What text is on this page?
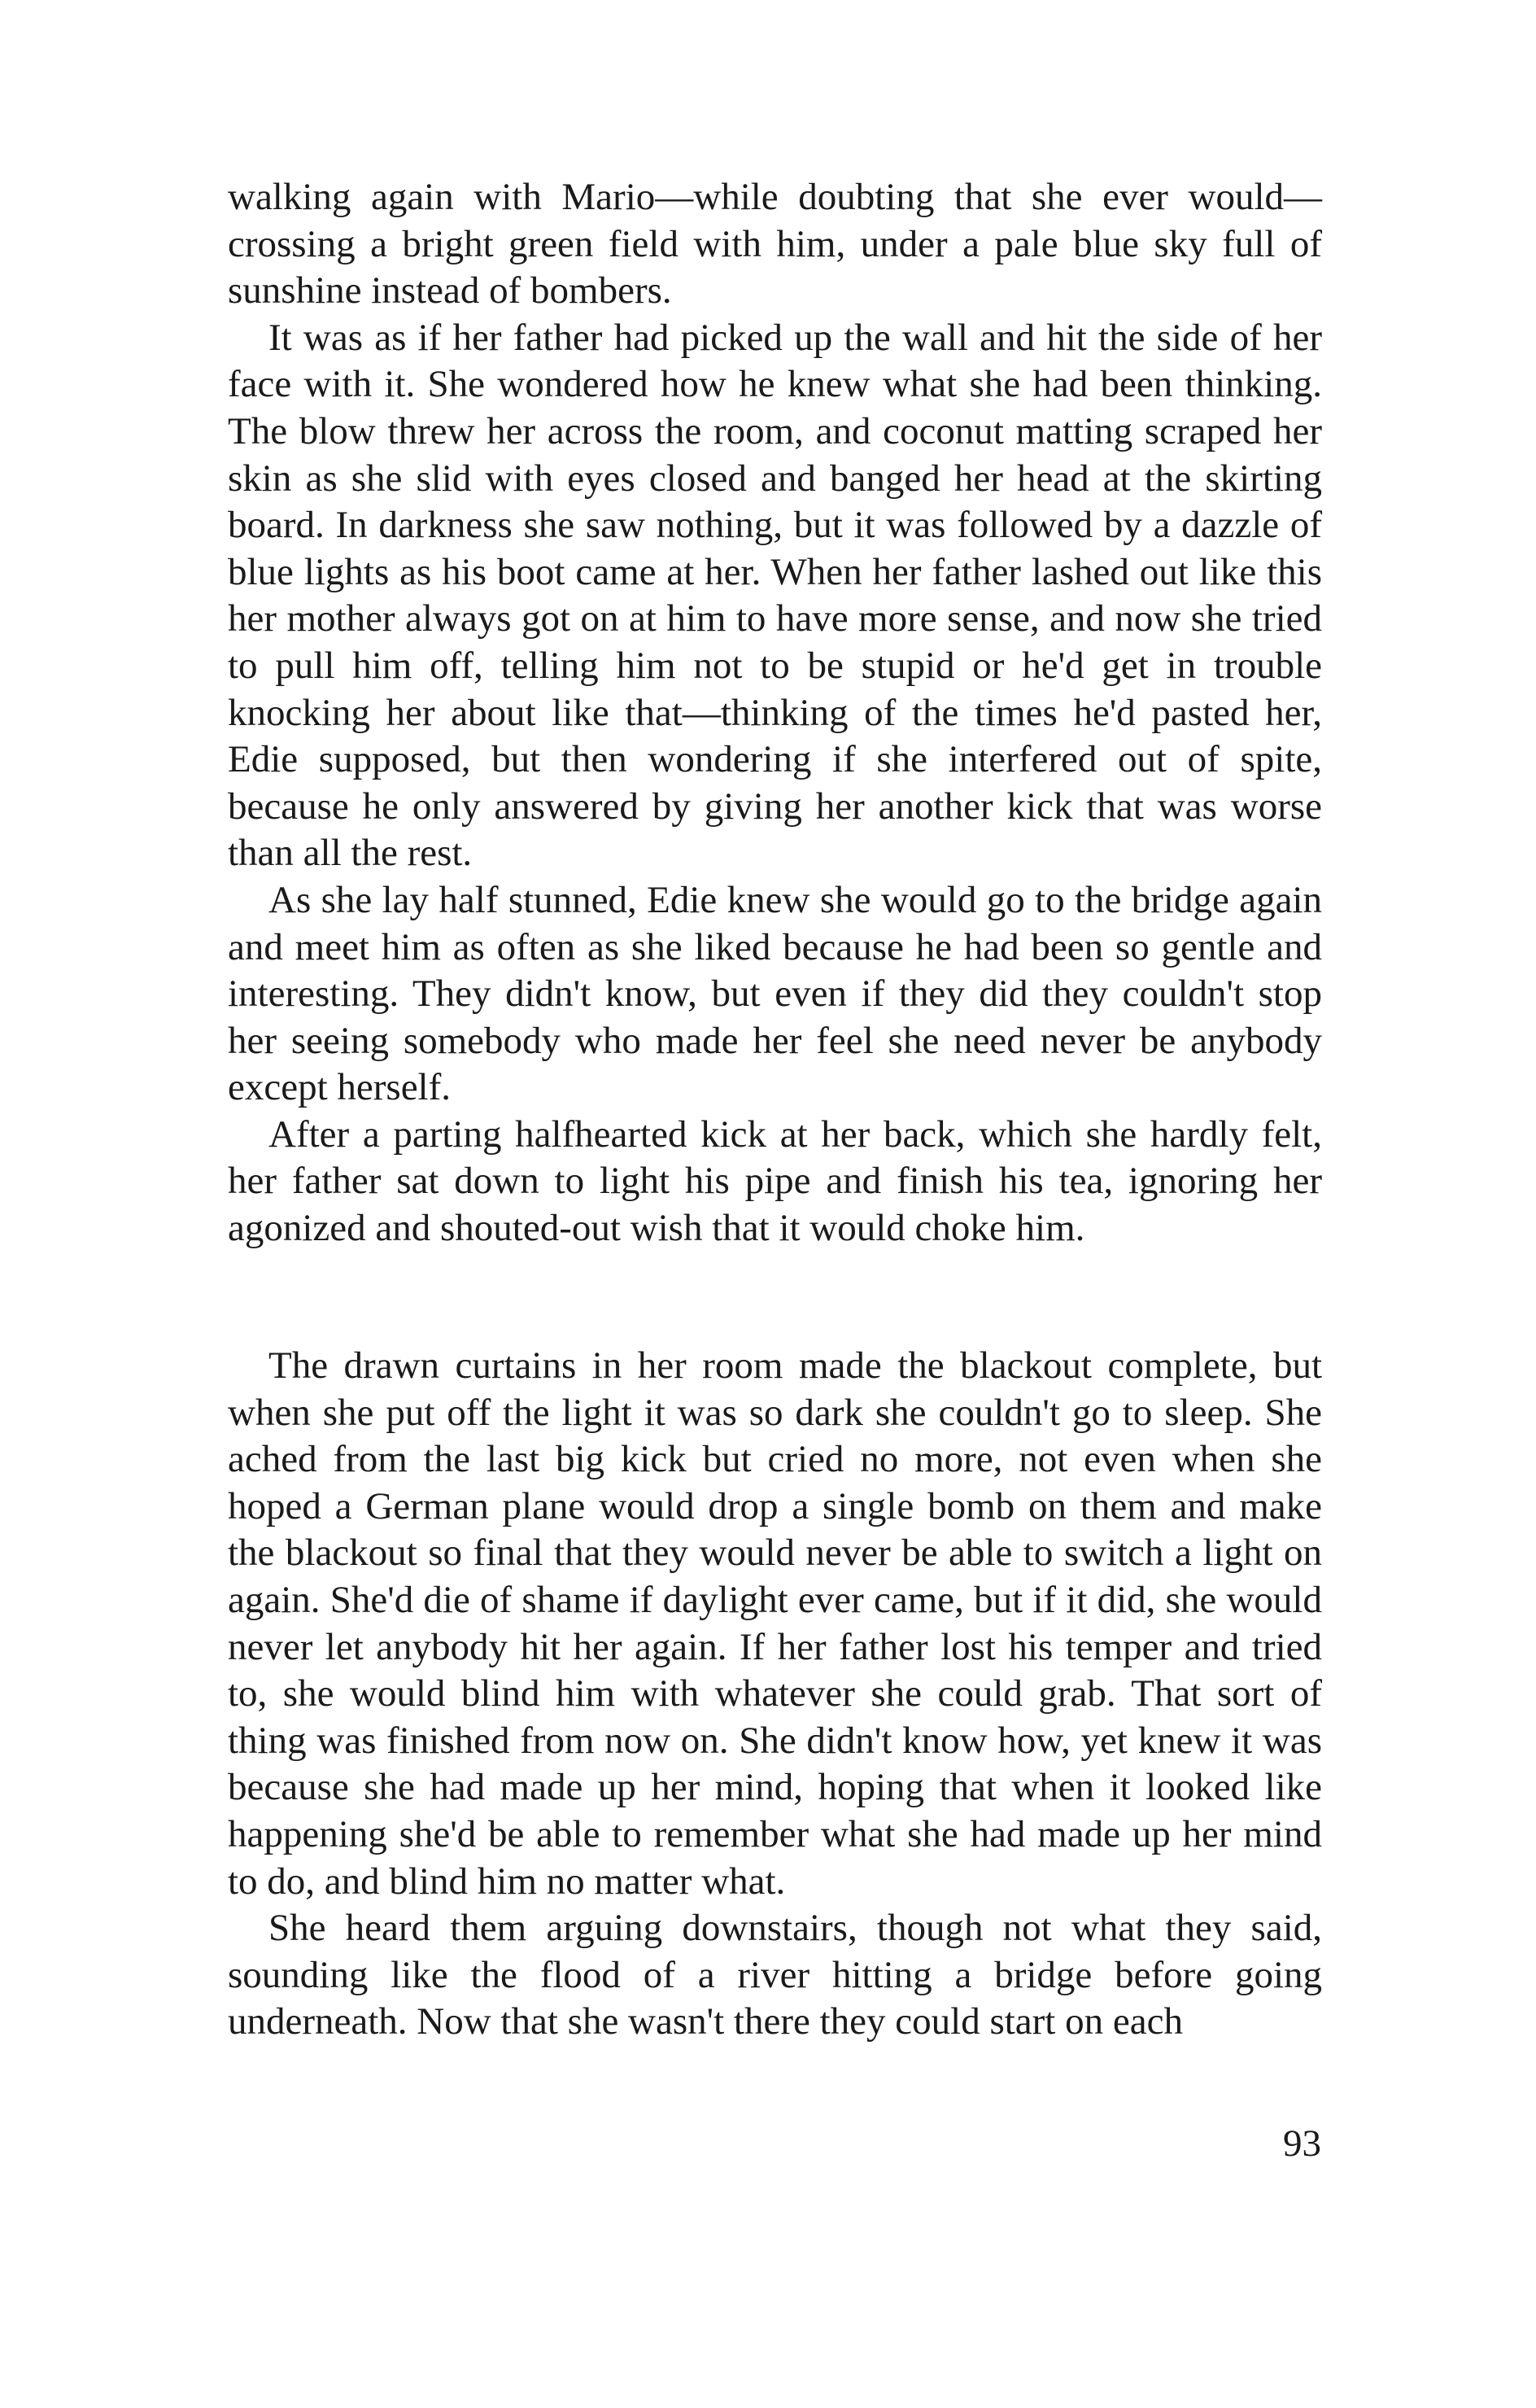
walking again with Mario—while doubting that she ever would—crossing a bright green field with him, under a pale blue sky full of sunshine instead of bombers.

It was as if her father had picked up the wall and hit the side of her face with it. She wondered how he knew what she had been thinking. The blow threw her across the room, and coconut matting scraped her skin as she slid with eyes closed and banged her head at the skirting board. In darkness she saw nothing, but it was followed by a dazzle of blue lights as his boot came at her. When her father lashed out like this her mother always got on at him to have more sense, and now she tried to pull him off, telling him not to be stupid or he'd get in trouble knocking her about like that—thinking of the times he'd pasted her, Edie supposed, but then wondering if she interfered out of spite, because he only answered by giving her another kick that was worse than all the rest.

As she lay half stunned, Edie knew she would go to the bridge again and meet him as often as she liked because he had been so gentle and interesting. They didn't know, but even if they did they couldn't stop her seeing somebody who made her feel she need never be anybody except herself.

After a parting halfhearted kick at her back, which she hardly felt, her father sat down to light his pipe and finish his tea, ignoring her agonized and shouted-out wish that it would choke him.

The drawn curtains in her room made the blackout complete, but when she put off the light it was so dark she couldn't go to sleep. She ached from the last big kick but cried no more, not even when she hoped a German plane would drop a single bomb on them and make the blackout so final that they would never be able to switch a light on again. She'd die of shame if daylight ever came, but if it did, she would never let anybody hit her again. If her father lost his temper and tried to, she would blind him with whatever she could grab. That sort of thing was finished from now on. She didn't know how, yet knew it was because she had made up her mind, hoping that when it looked like happening she'd be able to remember what she had made up her mind to do, and blind him no matter what.

She heard them arguing downstairs, though not what they said, sounding like the flood of a river hitting a bridge before going underneath. Now that she wasn't there they could start on each

93
